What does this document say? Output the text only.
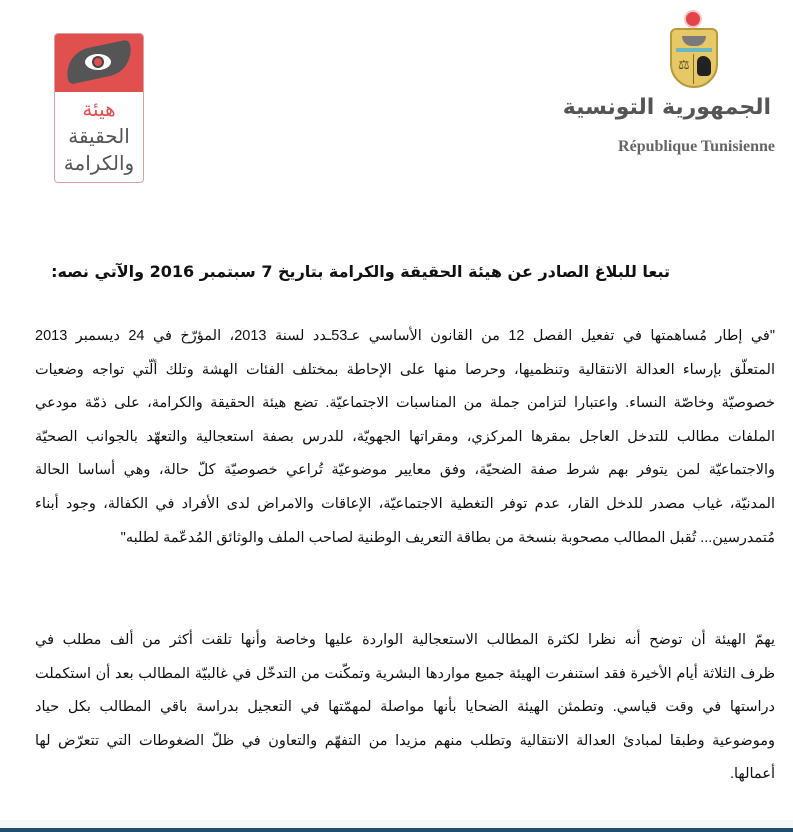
هيئة
الحقيقة
والكرامة
⚖
الجمهورية التونسية
République Tunisienne
تبعا للبلاغ الصادر عن هيئة الحقيقة والكرامة بتاريخ 7 سبتمبر 2016 والآتي نصه:
"في إطار مُساهمتها في تفعيل الفصل 12 من القانون الأساسي عـ53ـدد لسنة 2013، المؤرّخ في 24 ديسمبر 2013
المتعلّق بإرساء العدالة الانتقالية وتنظميها، وحرصا منها على الإحاطة بمختلف الفئات الهشة وتلك ألّتي تواجه وضعيات
خصوصيّة وخاصّة النساء. واعتبارا لتزامن جملة من المناسبات الاجتماعيّة. تضع هيئة الحقيقة والكرامة، على ذمّة مودعي
الملفات مطالب للتدخل العاجل بمقرها المركزي، ومقراتها الجهويّة، للدرس بصفة استعجالية والتعهّد بالجوانب الصحيّة
والاجتماعيّة لمن يتوفر بهم شرط صفة الضحيّة، وفق معايير موضوعيّة تُراعي خصوصيّة كلّ حالة، وهي أساسا الحالة
المدنيّة، غياب مصدر للدخل القار، عدم توفر التغطية الاجتماعيّة، الإعاقات والامراض لدى الأفراد في الكفالة، وجود أبناء
مُتمدرسين... تُقبل المطالب مصحوبة بنسخة من بطاقة التعريف الوطنية لصاحب الملف والوثائق المُدعّمة لطلبه"
يهمّ الهيئة أن توضح أنه نظرا لكثرة المطالب الاستعجالية الواردة عليها وخاصة وأنها تلقت أكثر من ألف مطلب في
ظرف الثلاثة أيام الأخيرة فقد استنفرت الهيئة جميع مواردها البشرية وتمكّنت من التدخّل في غالبيّة المطالب بعد أن استكملت
دراستها في وقت قياسي. وتطمئن الهيئة الضحايا بأنها مواصلة لمهمّتها في التعجيل بدراسة باقي المطالب بكل حياد
وموضوعية وطبقا لمبادئ العدالة الانتقالية وتطلب منهم مزيدا من التفهّم والتعاون في ظلّ الضغوطات التي تتعرّض لها
أعمالها.
